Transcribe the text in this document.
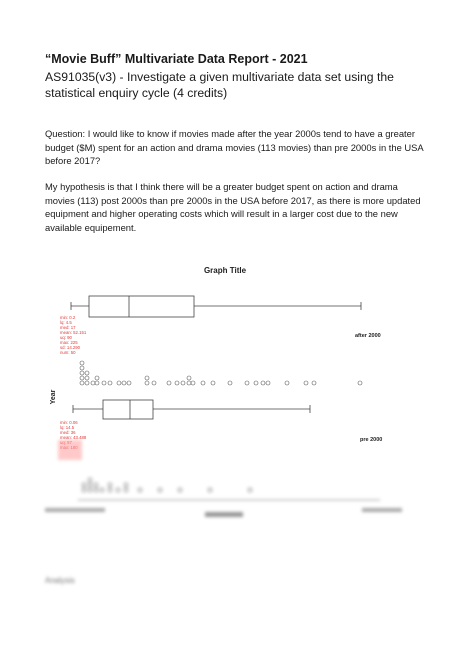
“Movie Buff” Multivariate Data Report - 2021

AS91035(v3) - Investigate a given multivariate data set using the statistical enquiry cycle (4 credits)

Question: I would like to know if movies made after the year 2000s tend to have a greater budget ($M) spent for an action and drama movies (113 movies) than pre 2000s in the USA before 2017?

My hypothesis is that I think there will be a greater budget spent on action and drama movies (113) post 2000s than pre 2000s in the USA before 2017, as there is more updated equipment and higher operating costs which will result in a larger cost due to the new available equipement.

Graph Title
Year
after 2000
min: 0.2
lq: 4.5
med: 17
mean: 52.151
uq: 90
max: 225
sd: 14.290
num: 50
pre 2000
min: 0.06
lq: 14.5
med: 36
mean: 43.488
Analysis
